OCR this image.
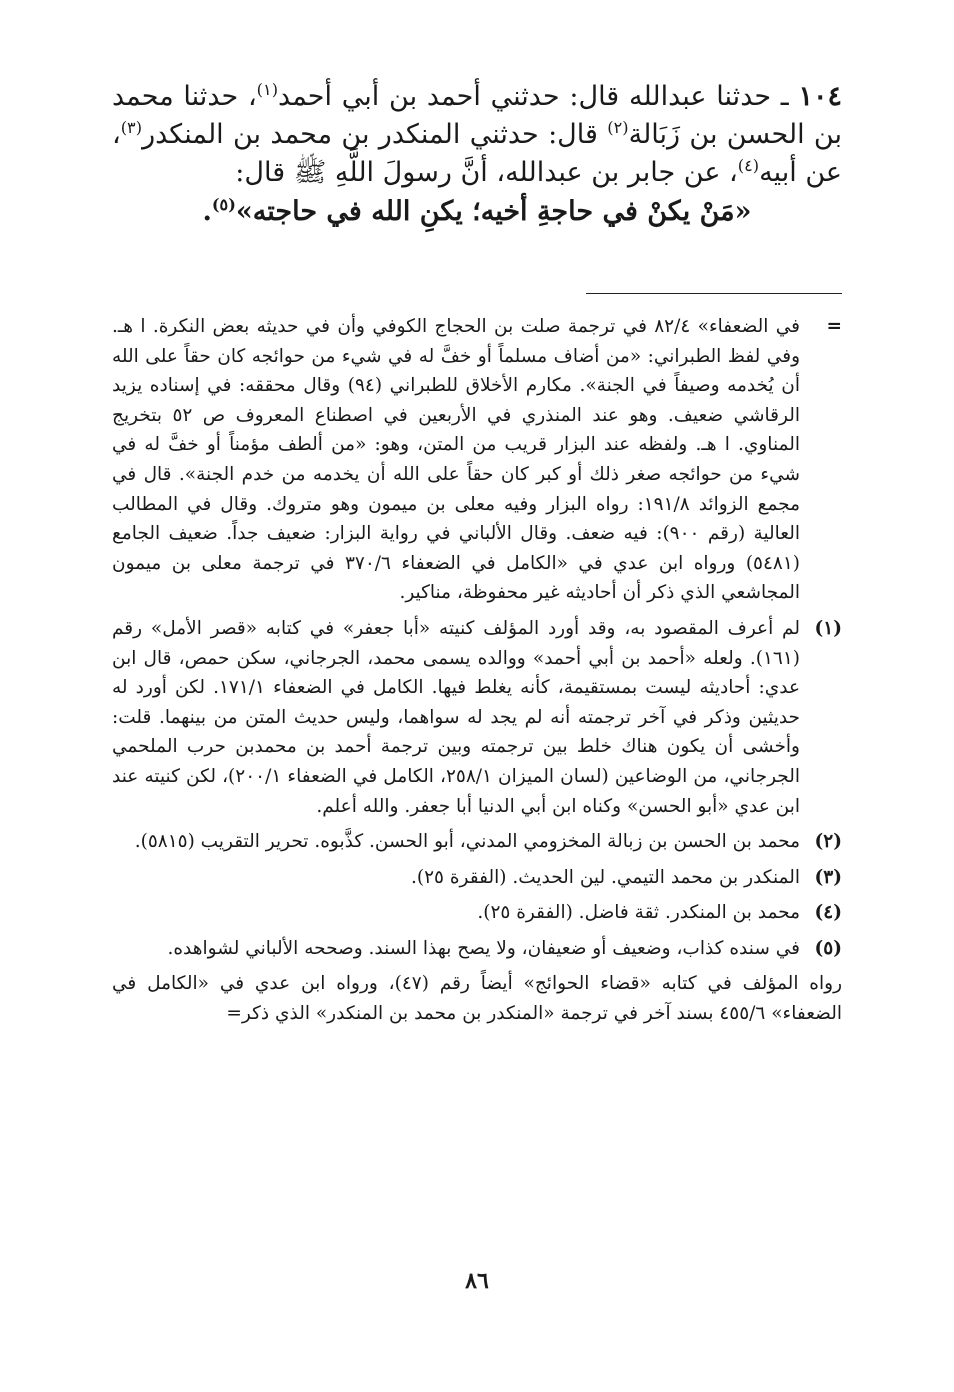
١٠٤ ـ حدثنا عبدالله قال: حدثني أحمد بن أبي أحمد$^{(١)}$، حدثنا محمد بن الحسن بن زَبَالة$^{(٢)}$ قال: حدثني المنكدر بن محمد بن المنكدر$^{(٣)}$، عن أبيه$^{(٤)}$، عن جابر بن عبدالله، أنَّ رسولَ اللَّهِ ﷺ قال:

«مَنْ يكنْ في حاجةِ أخيه؛ يكنِ الله في حاجته»$^{(٥)}$.

=

في الضعفاء» ٨٢/٤ في ترجمة صلت بن الحجاج الكوفي وأن في حديثه بعض النكرة. ا هـ. وفي لفظ الطبراني: «من أضاف مسلماً أو خفَّ له في شيء من حوائجه كان حقاً على الله أن يُخدمه وصيفاً في الجنة». مكارم الأخلاق للطبراني (٩٤) وقال محققه: في إسناده يزيد الرقاشي ضعيف. وهو عند المنذري في الأربعين في اصطناع المعروف ص ٥٢ بتخريج المناوي. ا هـ. ولفظه عند البزار قريب من المتن، وهو: «من ألطف مؤمناً أو خفَّ له في شيء من حوائجه صغر ذلك أو كبر كان حقاً على الله أن يخدمه من خدم الجنة». قال في مجمع الزوائد ١٩١/٨: رواه البزار وفيه معلى بن ميمون وهو متروك. وقال في المطالب العالية (رقم ٩٠٠): فيه ضعف. وقال الألباني في رواية البزار: ضعيف جداً. ضعيف الجامع (٥٤٨١) ورواه ابن عدي في «الكامل في الضعفاء ٣٧٠/٦ في ترجمة معلى بن ميمون المجاشعي الذي ذكر أن أحاديثه غير محفوظة، مناكير.

(١)

لم أعرف المقصود به، وقد أورد المؤلف كنيته «أبا جعفر» في كتابه «قصر الأمل» رقم (١٦١). ولعله «أحمد بن أبي أحمد» ووالده يسمى محمد، الجرجاني، سكن حمص، قال ابن عدي: أحاديثه ليست بمستقيمة، كأنه يغلط فيها. الكامل في الضعفاء ١٧١/١. لكن أورد له حديثين وذكر في آخر ترجمته أنه لم يجد له سواهما، وليس حديث المتن من بينهما. قلت: وأخشى أن يكون هناك خلط بين ترجمته وبين ترجمة أحمد بن محمدبن حرب الملحمي الجرجاني، من الوضاعين (لسان الميزان ٢٥٨/١، الكامل في الضعفاء ٢٠٠/١)، لكن كنيته عند ابن عدي «أبو الحسن» وكناه ابن أبي الدنيا أبا جعفر. والله أعلم.

(٢)

محمد بن الحسن بن زبالة المخزومي المدني، أبو الحسن. كذَّبوه. تحرير التقريب (٥٨١٥).

(٣)

المنكدر بن محمد التيمي. لين الحديث. (الفقرة ٢٥).

(٤)

محمد بن المنكدر. ثقة فاضل. (الفقرة ٢٥).

(٥)

في سنده كذاب، وضعيف أو ضعيفان، ولا يصح بهذا السند. وصححه الألباني لشواهده.

رواه المؤلف في كتابه «قضاء الحوائج» أيضاً رقم (٤٧)، ورواه ابن عدي في «الكامل في الضعفاء» ٤٥٥/٦ بسند آخر في ترجمة «المنكدر بن محمد بن المنكدر» الذي ذكر=

٨٦
